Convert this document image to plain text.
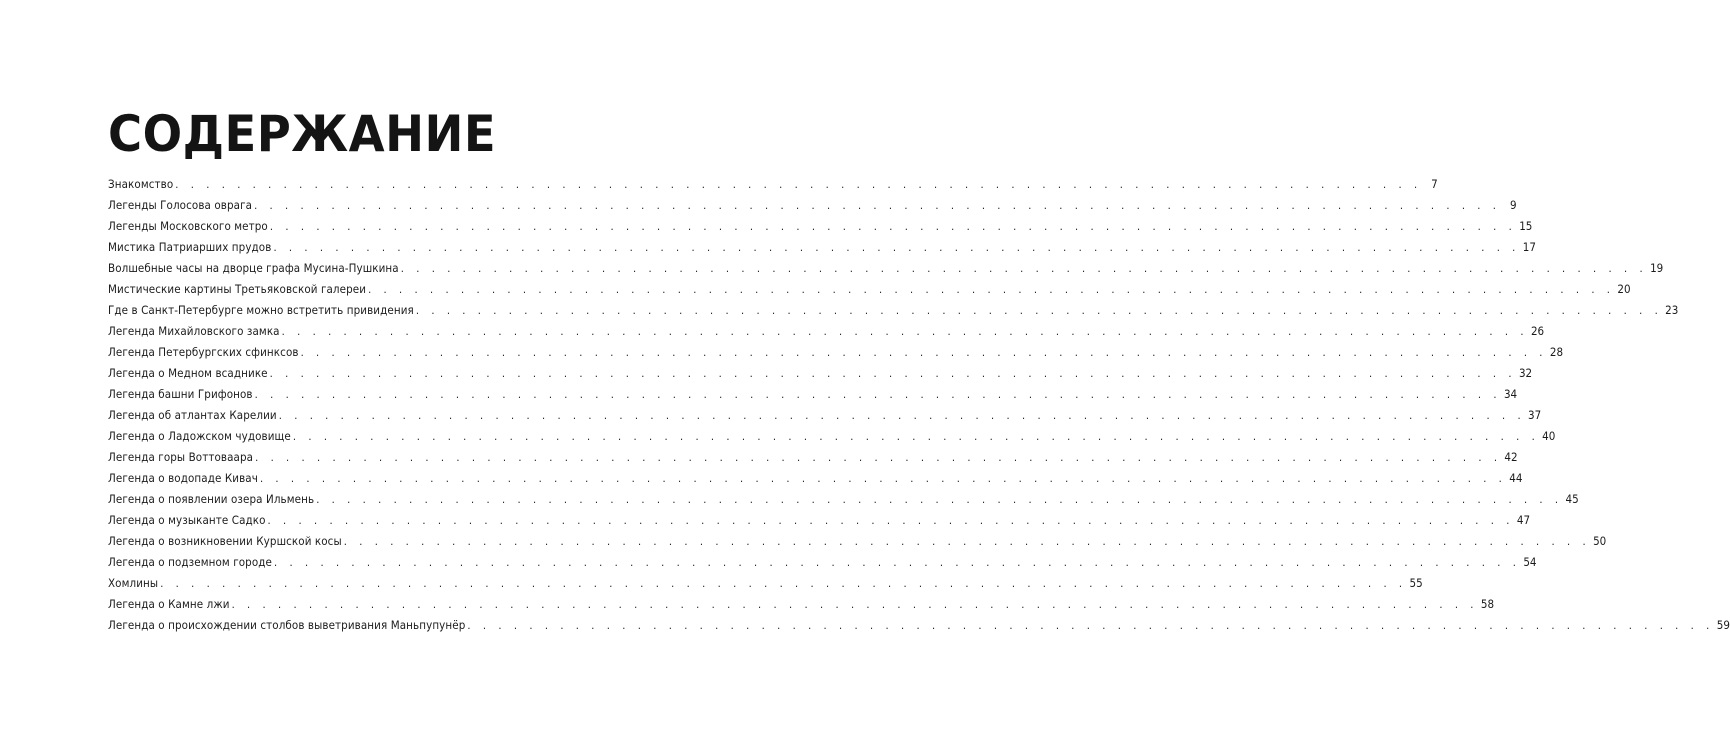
СОДЕРЖАНИЕ
Знакомство . . . . . . . . . . . . . . . . . . . . . . . . . . . . . . . . . . . . . . . . . . . . . . . . . . . . . . . . . . . . . . . . . . . . . . . . . . . . . . . . . 7
Легенды Голосова оврага . . . . . . . . . . . . . . . . . . . . . . . . . . . . . . . . . . . . . . . . . . . . . . . . . . . . . . . . . . . . . . . . . . . . . . . . . . . . . . . . . 9
Легенды Московского метро . . . . . . . . . . . . . . . . . . . . . . . . . . . . . . . . . . . . . . . . . . . . . . . . . . . . . . . . . . . . . . . . . . . . . . . . . . . . . . . . . 15
Мистика Патриарших прудов . . . . . . . . . . . . . . . . . . . . . . . . . . . . . . . . . . . . . . . . . . . . . . . . . . . . . . . . . . . . . . . . . . . . . . . . . . . . . . . . . 17
Волшебные часы на дворце графа Мусина-Пушкина . . . . . . . . . . . . . . . . . . . . . . . . . . . . . . . . . . . . . . . . . . . . . . . . . . . . . . . . . . . . . . . . . . . . . . . . . . . . . . . . . 19
Мистические картины Третьяковской галереи . . . . . . . . . . . . . . . . . . . . . . . . . . . . . . . . . . . . . . . . . . . . . . . . . . . . . . . . . . . . . . . . . . . . . . . . . . . . . . . . . 20
Где в Санкт-Петербурге можно встретить привидения . . . . . . . . . . . . . . . . . . . . . . . . . . . . . . . . . . . . . . . . . . . . . . . . . . . . . . . . . . . . . . . . . . . . . . . . . . . . . . . . . 23
Легенда Михайловского замка . . . . . . . . . . . . . . . . . . . . . . . . . . . . . . . . . . . . . . . . . . . . . . . . . . . . . . . . . . . . . . . . . . . . . . . . . . . . . . . . . 26
Легенда Петербургских сфинксов . . . . . . . . . . . . . . . . . . . . . . . . . . . . . . . . . . . . . . . . . . . . . . . . . . . . . . . . . . . . . . . . . . . . . . . . . . . . . . . . . 28
Легенда о Медном всаднике . . . . . . . . . . . . . . . . . . . . . . . . . . . . . . . . . . . . . . . . . . . . . . . . . . . . . . . . . . . . . . . . . . . . . . . . . . . . . . . . . 32
Легенда башни Грифонов . . . . . . . . . . . . . . . . . . . . . . . . . . . . . . . . . . . . . . . . . . . . . . . . . . . . . . . . . . . . . . . . . . . . . . . . . . . . . . . . . 34
Легенда об атлантах Карелии . . . . . . . . . . . . . . . . . . . . . . . . . . . . . . . . . . . . . . . . . . . . . . . . . . . . . . . . . . . . . . . . . . . . . . . . . . . . . . . . . 37
Легенда о Ладожском чудовище . . . . . . . . . . . . . . . . . . . . . . . . . . . . . . . . . . . . . . . . . . . . . . . . . . . . . . . . . . . . . . . . . . . . . . . . . . . . . . . . . 40
Легенда горы Воттоваара . . . . . . . . . . . . . . . . . . . . . . . . . . . . . . . . . . . . . . . . . . . . . . . . . . . . . . . . . . . . . . . . . . . . . . . . . . . . . . . . . 42
Легенда о водопаде Кивач . . . . . . . . . . . . . . . . . . . . . . . . . . . . . . . . . . . . . . . . . . . . . . . . . . . . . . . . . . . . . . . . . . . . . . . . . . . . . . . . . 44
Легенда о появлении озера Ильмень . . . . . . . . . . . . . . . . . . . . . . . . . . . . . . . . . . . . . . . . . . . . . . . . . . . . . . . . . . . . . . . . . . . . . . . . . . . . . . . . . 45
Легенда о музыканте Садко . . . . . . . . . . . . . . . . . . . . . . . . . . . . . . . . . . . . . . . . . . . . . . . . . . . . . . . . . . . . . . . . . . . . . . . . . . . . . . . . . 47
Легенда о возникновении Куршской косы . . . . . . . . . . . . . . . . . . . . . . . . . . . . . . . . . . . . . . . . . . . . . . . . . . . . . . . . . . . . . . . . . . . . . . . . . . . . . . . . . 50
Легенда о подземном городе . . . . . . . . . . . . . . . . . . . . . . . . . . . . . . . . . . . . . . . . . . . . . . . . . . . . . . . . . . . . . . . . . . . . . . . . . . . . . . . . . 54
Хомлины . . . . . . . . . . . . . . . . . . . . . . . . . . . . . . . . . . . . . . . . . . . . . . . . . . . . . . . . . . . . . . . . . . . . . . . . . . . . . . . . . 55
Легенда о Камне лжи . . . . . . . . . . . . . . . . . . . . . . . . . . . . . . . . . . . . . . . . . . . . . . . . . . . . . . . . . . . . . . . . . . . . . . . . . . . . . . . . . 58
Легенда о происхождении столбов выветривания Маньпупунёр . . . . . . . . . . . . . . . . . . . . . . . . . . . . . . . . . . . . . . . . . . . . . . . . . . . . . . . . . . . . . . . . . . . . . . . . . . . . . . . . . 59
